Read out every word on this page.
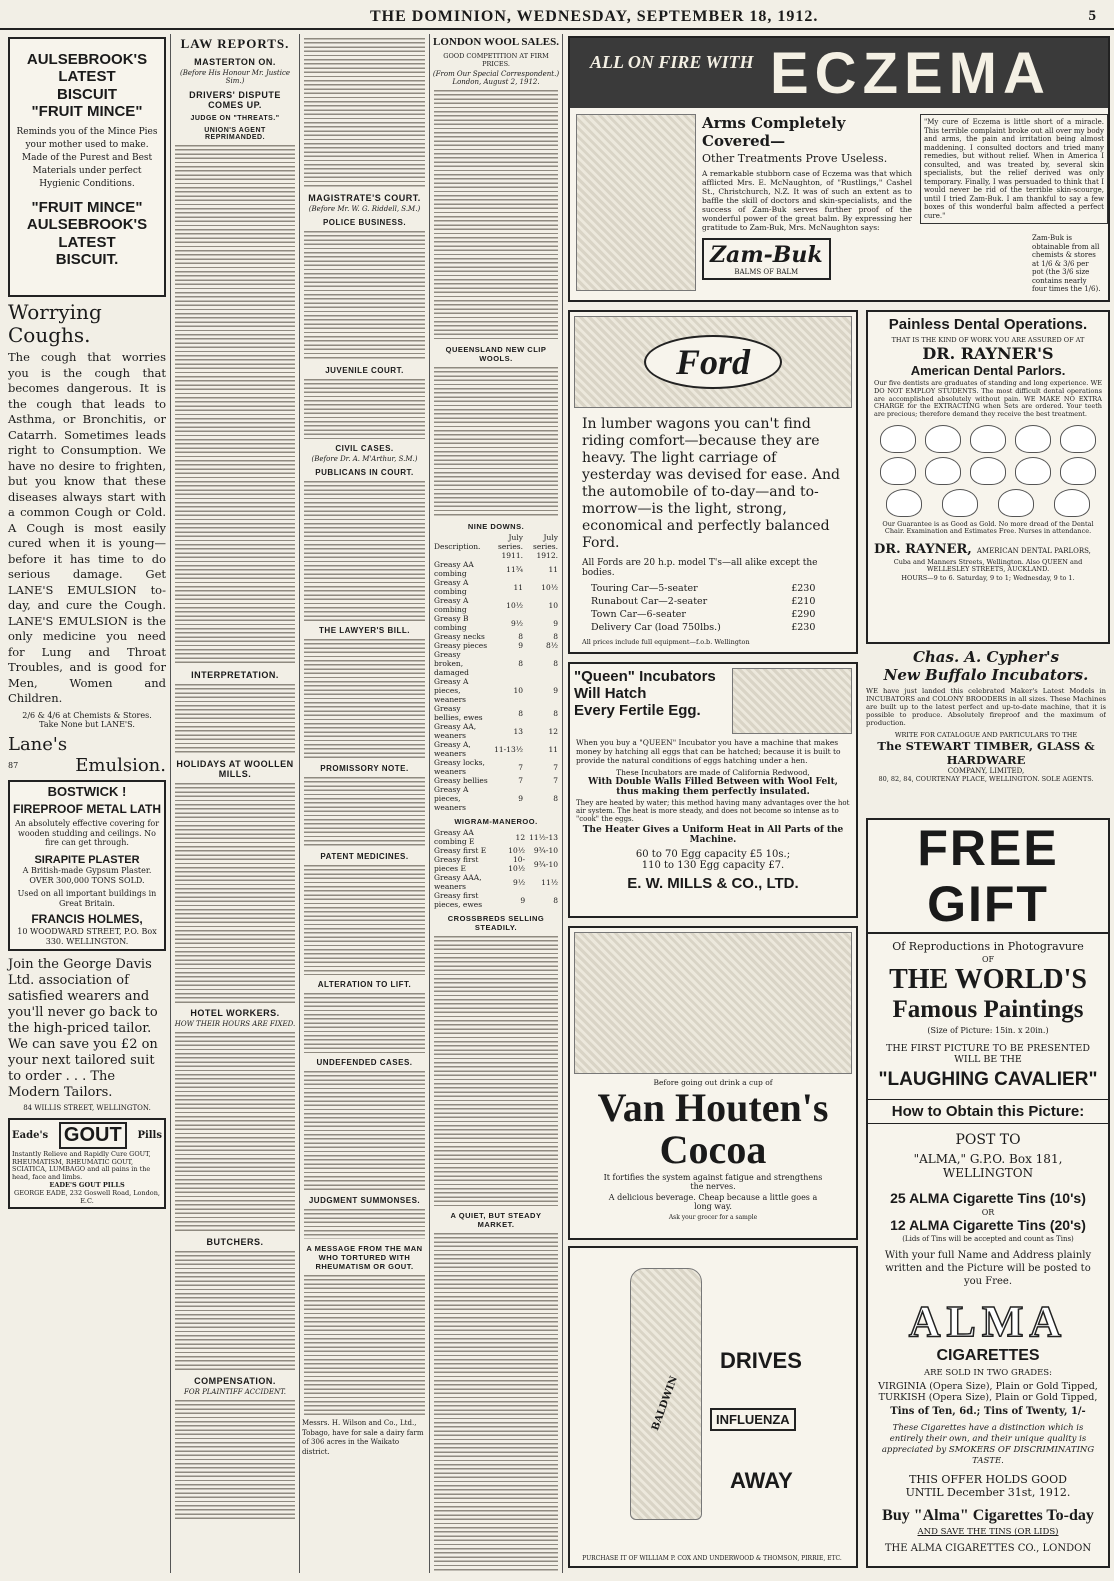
THE DOMINION, WEDNESDAY, SEPTEMBER 18, 1912.	5
AULSEBROOK'S
LATEST
BISCUIT
"FRUIT MINCE"
Reminds you of the Mince Pies your mother used to make. Made of the Purest and Best Materials under perfect Hygienic Conditions.
"FRUIT MINCE"
AULSEBROOK'S
LATEST
BISCUIT.
Worrying Coughs.
The cough that worries you is the cough that becomes dangerous. It is the cough that leads to Asthma, or Bronchitis, or Catarrh. Sometimes leads right to Consumption. We have no desire to frighten, but you know that these diseases always start with a common Cough or Cold. A Cough is most easily cured when it is young—before it has time to do serious damage. Get LANE'S EMULSION to-day, and cure the Cough. LANE'S EMULSION is the only medicine you need for Lung and Throat Troubles, and is good for Men, Women and Children.
2/6 & 4/6 at Chemists & Stores.
Take None but LANE'S.
Lane's
87	Emulsion.
BOSTWICK !
FIREPROOF METAL LATH
An absolutely effective covering for wooden studding and ceilings. No fire can get through.
SIRAPITE PLASTER
A British-made Gypsum Plaster. OVER 300,000 TONS SOLD.
Used on all important buildings in Great Britain.
FRANCIS HOLMES,
10 WOODWARD STREET, P.O. Box 330. WELLINGTON.
Join the George Davis Ltd. association of satisfied wearers and you'll never go back to the high-priced tailor. We can save you £2 on your next tailored suit to order . . . The Modern Tailors.
84 WILLIS STREET, WELLINGTON.
Eade's GOUT	Pills
Instantly Relieve and Rapidly Cure GOUT, RHEUMATISM, RHEUMATIC GOUT, SCIATICA, LUMBAGO and all pains in the head, face and limbs.
EADE'S GOUT PILLS
GEORGE EADE, 232 Goswell Road, London, E.C.
LAW REPORTS.
MASTERTON ON.
(Before His Honour Mr. Justice Sim.)
DRIVERS' DISPUTE COMES UP.
JUDGE ON "THREATS."
UNION'S AGENT REPRIMANDED.
INTERPRETATION.
HOLIDAYS AT WOOLLEN MILLS.
HOTEL WORKERS.
HOW THEIR HOURS ARE FIXED.
BUTCHERS.
COMPENSATION.
FOR PLAINTIFF ACCIDENT.
MAGISTRATE'S COURT.
(Before Mr. W. G. Riddell, S.M.)
POLICE BUSINESS.
JUVENILE COURT.
CIVIL CASES.
(Before Dr. A. M'Arthur, S.M.)
PUBLICANS IN COURT.
THE LAWYER'S BILL.
PROMISSORY NOTE.
PATENT MEDICINES.
ALTERATION TO LIFT.
UNDEFENDED CASES.
JUDGMENT SUMMONSES.
A MESSAGE FROM THE MAN WHO TORTURED WITH RHEUMATISM OR GOUT.
Messrs. H. Wilson and Co., Ltd., Tobago, have for sale a dairy farm of 306 acres in the Waikato district.
LONDON WOOL SALES.
GOOD COMPETITION AT FIRM PRICES.
(From Our Special Correspondent.) London, August 2, 1912.
QUEENSLAND NEW CLIP WOOLS.
NINE DOWNS.
Description.	July series. 1911.	July series. 1912.
Greasy AA combing	11¾	11
Greasy A combing	11	10½
Greasy A combing	10½	10
Greasy B combing	9½	9
Greasy necks	8	8
Greasy pieces	9	8½
Greasy broken, damaged	8	8
Greasy A pieces, weaners	10	9
Greasy bellies, ewes	8	8
Greasy AA, weaners	13	12
Greasy A, weaners	11-13½	11
Greasy locks, weaners	7	7
Greasy bellies	7	7
Greasy A pieces, weaners	9	8
WIGRAM-MANEROO.
Greasy AA combing E	12	11½-13
Greasy first E	10½	9¾-10
Greasy first pieces E	10-10½	9¾-10
Greasy AAA, weaners	9½	11½
Greasy first pieces, ewes	9	8
CROSSBREDS SELLING STEADILY.
A QUIET, BUT STEADY MARKET.
ALL ON FIRE WITH ECZEMA
Arms Completely Covered—
Other Treatments Prove Useless.
A remarkable stubborn case of Eczema was that which afflicted Mrs. E. McNaughton, of "Rustlings," Cashel St., Christchurch, N.Z. It was of such an extent as to baffle the skill of doctors and skin-specialists, and the success of Zam-Buk serves further proof of the wonderful power of the great balm. By expressing her gratitude to Zam-Buk, Mrs. McNaughton says:
Zam-Buk
BALMS OF BALM
"My cure of Eczema is little short of a miracle. This terrible complaint broke out all over my body and arms, the pain and irritation being almost maddening. I consulted doctors and tried many remedies, but without relief. When in America I consulted, and was treated by, several skin specialists, but the relief derived was only temporary. Finally, I was persuaded to think that I would never be rid of the terrible skin-scourge, until I tried Zam-Buk. I am thankful to say a few boxes of this wonderful balm affected a perfect cure."
Zam-Buk is obtainable from all chemists & stores at 1/6 & 3/6 per pot (the 3/6 size contains nearly four times the 1/6).
Ford
In lumber wagons you can't find riding comfort—because they are heavy. The light carriage of yesterday was devised for ease. And the automobile of to-day—and to-morrow—is the light, strong, economical and perfectly balanced Ford.
All Fords are 20 h.p. model T's—all alike except the bodies.
Touring Car—5-seater	£230
Runabout Car—2-seater	£210
Town Car—6-seater	£290
Delivery Car (load 750lbs.)	£230
All prices include full equipment—f.o.b. Wellington
Painless Dental Operations.
THAT IS THE KIND OF WORK YOU ARE ASSURED OF AT
DR. RAYNER'S
American Dental Parlors.
Our five dentists are graduates of standing and long experience. WE DO NOT EMPLOY STUDENTS. The most difficult dental operations are accomplished absolutely without pain. WE MAKE NO EXTRA CHARGE for the EXTRACTING when Sets are ordered. Your teeth are precious; therefore demand they receive the best treatment.
Our Guarantee is as Good as Gold. No more dread of the Dental Chair. Examination and Estimates Free. Nurses in attendance.
DR. RAYNER, AMERICAN DENTAL PARLORS,
Cuba and Manners Streets, Wellington. Also QUEEN and WELLESLEY STREETS, AUCKLAND.
HOURS—9 to 6. Saturday, 9 to 1; Wednesday, 9 to 1.
Chas. A. Cypher's
New Buffalo Incubators.
WE have just landed this celebrated Maker's Latest Models in INCUBATORS and COLONY BROODERS in all sizes. These Machines are built up to the latest perfect and up-to-date machine, that it is possible to produce. Absolutely fireproof and the maximum of production.
WRITE FOR CATALOGUE AND PARTICULARS TO THE
The STEWART TIMBER, GLASS & HARDWARE
COMPANY, LIMITED,
80, 82, 84, COURTENAY PLACE, WELLINGTON. SOLE AGENTS.
"Queen" Incubators
Will Hatch
Every Fertile Egg.
When you buy a "QUEEN" Incubator you have a machine that makes money by hatching all eggs that can be hatched; because it is built to provide the natural conditions of eggs hatching under a hen.
These Incubators are made of California Redwood,
With Double Walls Filled Between with Wool Felt, thus making them perfectly insulated.
They are heated by water; this method having many advantages over the hot air system. The heat is more steady, and does not become so intense as to "cook" the eggs.
The Heater Gives a Uniform Heat in All Parts of the Machine.
60 to 70 Egg capacity £5 10s.;
110 to 130 Egg capacity £7.
E. W. MILLS & CO., LTD.
Before going out drink a cup of
Van Houten's
Cocoa
It fortifies the system against fatigue and strengthens the nerves.
A delicious beverage. Cheap because a little goes a long way.
Ask your grocer for a sample
BALDWIN
DRIVES
INFLUENZA
AWAY
PURCHASE IT OF WILLIAM P. COX AND UNDERWOOD & THOMSON, PIRRIE, ETC.
FREE GIFT
Of Reproductions in Photogravure
OF
THE WORLD'S
Famous Paintings
(Size of Picture: 15in. x 20in.)
THE FIRST PICTURE TO BE PRESENTED WILL BE THE
"LAUGHING CAVALIER"
How to Obtain this Picture:
POST TO
"ALMA," G.P.O. Box 181, WELLINGTON
25 ALMA Cigarette Tins (10's)
OR
12 ALMA Cigarette Tins (20's)
(Lids of Tins will be accepted and count as Tins)
With your full Name and Address plainly written and the Picture will be posted to you Free.
ALMA
CIGARETTES
ARE SOLD IN TWO GRADES:
VIRGINIA (Opera Size), Plain or Gold Tipped,
TURKISH (Opera Size), Plain or Gold Tipped,
Tins of Ten, 6d.; Tins of Twenty, 1/-
These Cigarettes have a distinction which is entirely their own, and their unique quality is appreciated by SMOKERS OF DISCRIMINATING TASTE.
THIS OFFER HOLDS GOOD
UNTIL December 31st, 1912.
Buy "Alma" Cigarettes To-day
AND SAVE THE TINS (OR LIDS)
THE ALMA CIGARETTES CO., LONDON
